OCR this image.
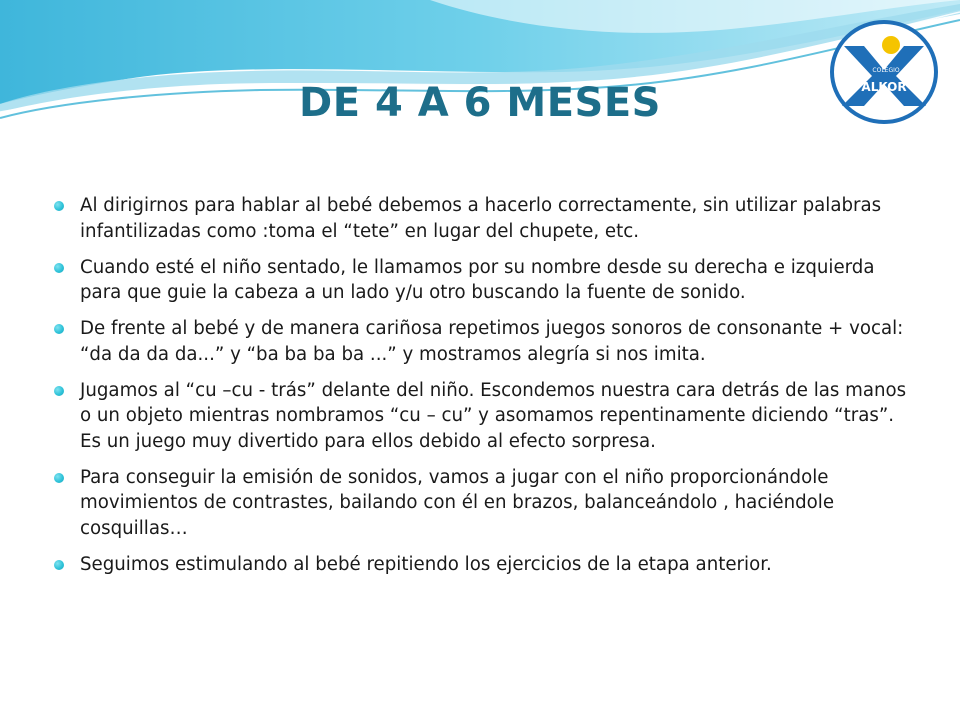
COLEGIO
ALKOR
DE 4 A 6 MESES
Al dirigirnos para hablar al bebé debemos a hacerlo correctamente, sin utilizar palabras infantilizadas como :toma el “tete” en lugar del chupete, etc.
Cuando esté el niño sentado, le llamamos por su nombre desde su derecha e izquierda para que guie la cabeza a un lado y/u otro buscando la fuente de sonido.
De frente al bebé y de manera cariñosa repetimos juegos sonoros de consonante + vocal: “da da da da...” y “ba ba ba ba ...” y mostramos alegría si nos imita.
Jugamos al “cu –cu - trás” delante del niño. Escondemos nuestra cara detrás de las manos o un objeto mientras nombramos “cu – cu” y asomamos repentinamente diciendo “tras”. Es un juego muy divertido para ellos debido al efecto sorpresa.
Para conseguir la emisión de sonidos, vamos a jugar con el niño proporcionándole movimientos de contrastes, bailando con él en brazos, balanceándolo , haciéndole cosquillas…
Seguimos estimulando al bebé repitiendo los ejercicios de la etapa anterior.
